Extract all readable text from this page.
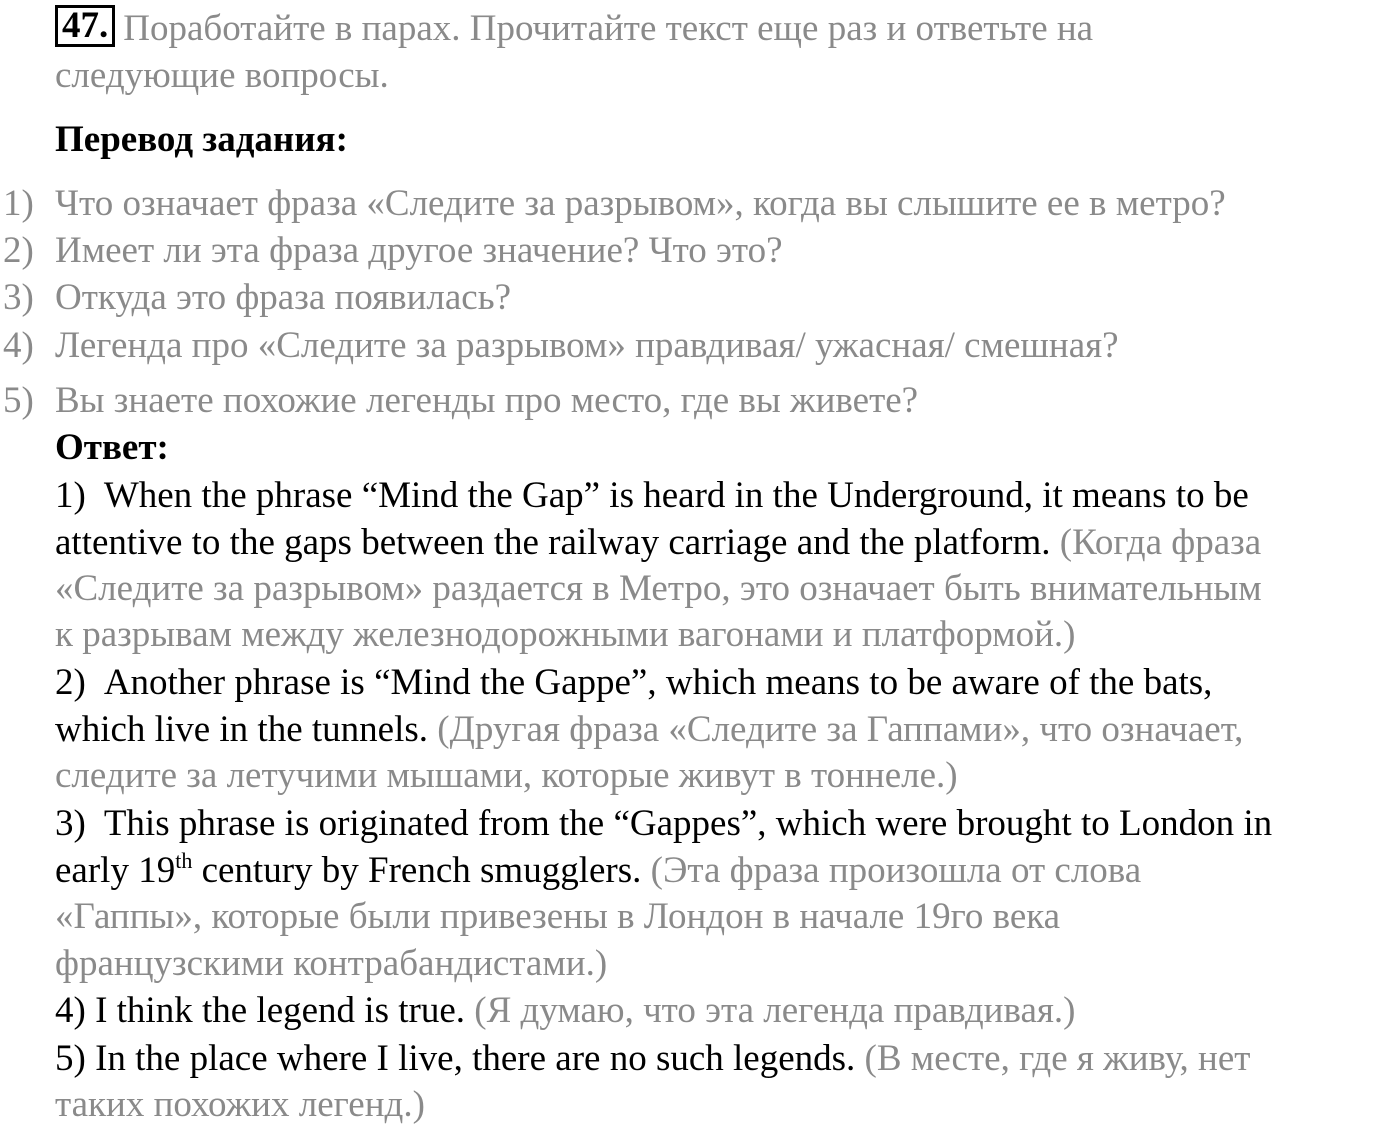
47. Поработайте в парах. Прочитайте текст еще раз и ответьте на
следующие вопросы.
Перевод задания:
1) Что означает фраза «Следите за разрывом», когда вы слышите ее в метро?
2) Имеет ли эта фраза другое значение? Что это?
3) Откуда это фраза появилась?
4) Легенда про «Следите за разрывом» правдивая/ ужасная/ смешная?
5) Вы знаете похожие легенды про место, где вы живете?
Ответ:
1) When the phrase “Mind the Gap” is heard in the Underground, it means to be
attentive to the gaps between the railway carriage and the platform. (Когда фраза
«Следите за разрывом» раздается в Метро, это означает быть внимательным
к разрывам между железнодорожными вагонами и платформой.)
2) Another phrase is “Mind the Gappe”, which means to be aware of the bats,
which live in the tunnels. (Другая фраза «Следите за Гаппами», что означает,
следите за летучими мышами, которые живут в тоннеле.)
3) This phrase is originated from the “Gappes”, which were brought to London in
early 19th century by French smugglers. (Эта фраза произошла от слова
«Гаппы», которые были привезены в Лондон в начале 19го века
французскими контрабандистами.)
4) I think the legend is true. (Я думаю, что эта легенда правдивая.)
5) In the place where I live, there are no such legends. (В месте, где я живу, нет
таких похожих легенд.)
